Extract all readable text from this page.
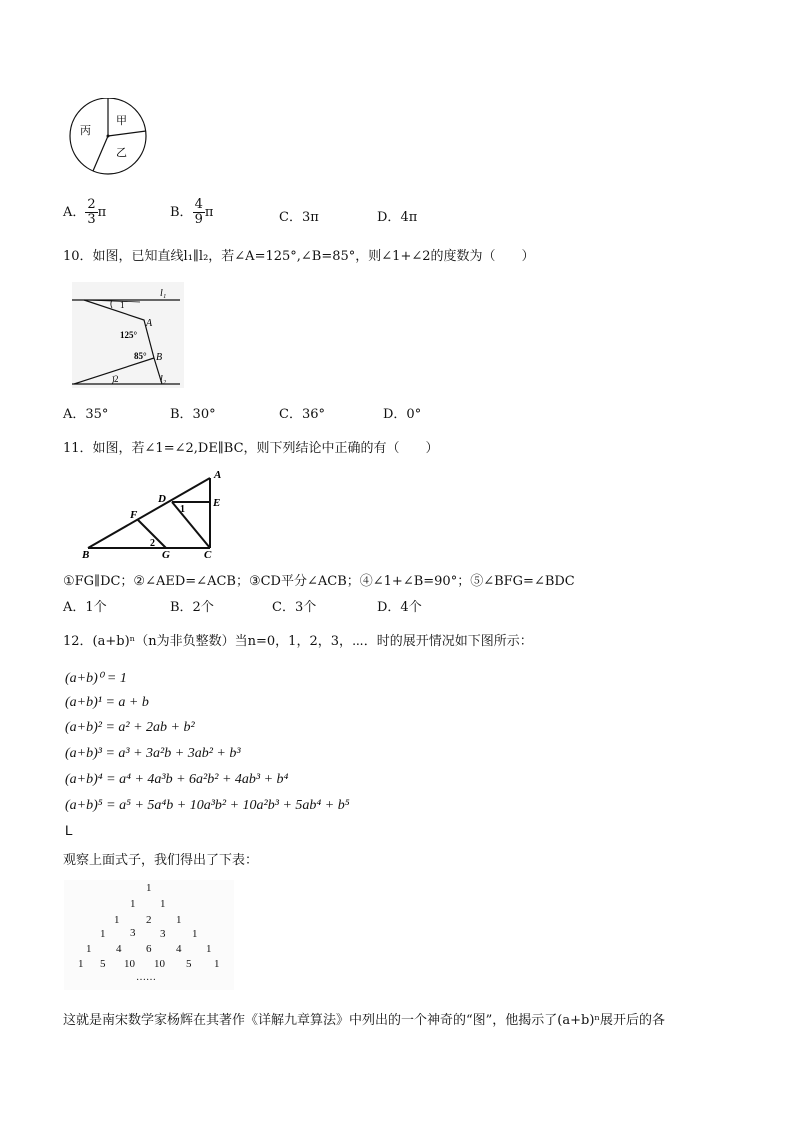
甲
乙
丙
A． $\frac{2}{3}$ π	B． $\frac{4}{9}$ π	C．3π	D．4π
10．如图，已知直线l₁∥l₂，若∠A=125°,∠B=85°，则∠1+∠2的度数为（　　）
l₁
l₂
A
B
125°
85°
1
2
A．35°	B．30°	C．36°	D．0°
11．如图，若∠1=∠2,DE∥BC，则下列结论中正确的有（　　）
A
B	C
D	E
F
G
1
2
①FG∥DC；②∠AED=∠ACB；③CD平分∠ACB；④∠1+∠B=90°；⑤∠BFG=∠BDC
A．1个	B．2个	C．3个	D．4个
12．(a+b)ⁿ（n为非负整数）当n=0，1，2，3，⋯．时的展开情况如下图所示：
(a+b)⁰ = 1
(a+b)¹ = a + b
(a+b)² = a² + 2ab + b²
(a+b)³ = a³ + 3a²b + 3ab² + b³
(a+b)⁴ = a⁴ + 4a³b + 6a²b² + 4ab³ + b⁴
(a+b)⁵ = a⁵ + 5a⁴b + 10a³b² + 10a²b³ + 5ab⁴ + b⁵
L
观察上面式子，我们得出了下表：
1
1 1
1 2 1
1 3 3 1
1 4 6 4 1
1 5 10 10 5 1
……
这就是南宋数学家杨辉在其著作《详解九章算法》中列出的一个神奇的“图”，他揭示了(a+b)ⁿ展开后的各
